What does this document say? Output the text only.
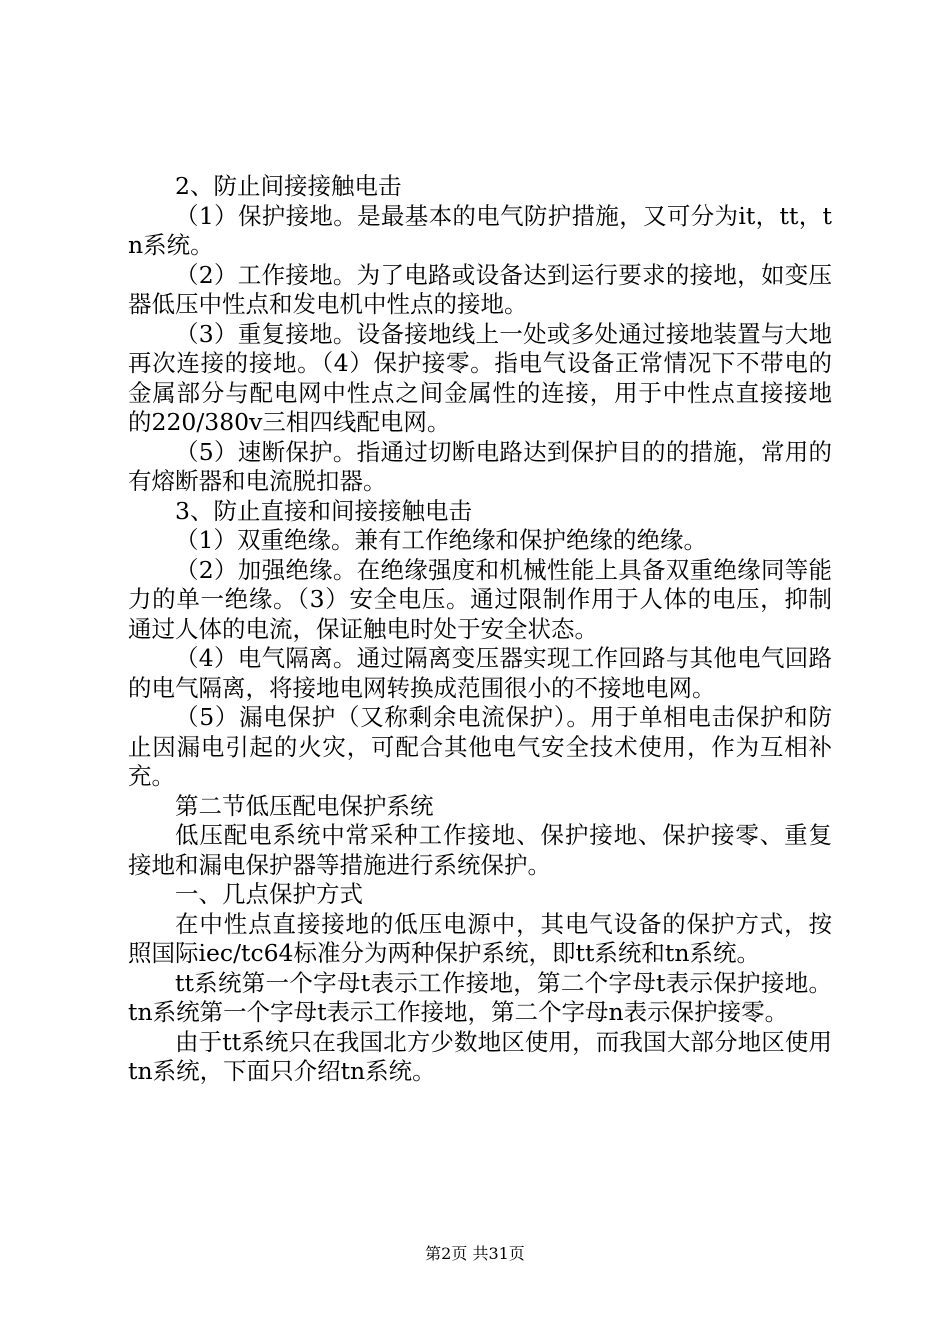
2、防止间接接触电击

（1）保护接地。是最基本的电气防护措施，又可分为it，tt，tn系统。

（2）工作接地。为了电路或设备达到运行要求的接地，如变压器低压中性点和发电机中性点的接地。

（3）重复接地。设备接地线上一处或多处通过接地装置与大地再次连接的接地。（4）保护接零。指电气设备正常情况下不带电的金属部分与配电网中性点之间金属性的连接，用于中性点直接接地的220/380v三相四线配电网。

（5）速断保护。指通过切断电路达到保护目的的措施，常用的有熔断器和电流脱扣器。

3、防止直接和间接接触电击

（1）双重绝缘。兼有工作绝缘和保护绝缘的绝缘。

（2）加强绝缘。在绝缘强度和机械性能上具备双重绝缘同等能力的单一绝缘。（3）安全电压。通过限制作用于人体的电压，抑制通过人体的电流，保证触电时处于安全状态。

（4）电气隔离。通过隔离变压器实现工作回路与其他电气回路的电气隔离，将接地电网转换成范围很小的不接地电网。

（5）漏电保护（又称剩余电流保护）。用于单相电击保护和防止因漏电引起的火灾，可配合其他电气安全技术使用，作为互相补充。

第二节低压配电保护系统

低压配电系统中常采种工作接地、保护接地、保护接零、重复接地和漏电保护器等措施进行系统保护。

一、几点保护方式

在中性点直接接地的低压电源中，其电气设备的保护方式，按照国际iec/tc64标准分为两种保护系统，即tt系统和tn系统。

tt系统第一个字母t表示工作接地，第二个字母t表示保护接地。tn系统第一个字母t表示工作接地，第二个字母n表示保护接零。

由于tt系统只在我国北方少数地区使用，而我国大部分地区使用tn系统，下面只介绍tn系统。

第2页 共31页
